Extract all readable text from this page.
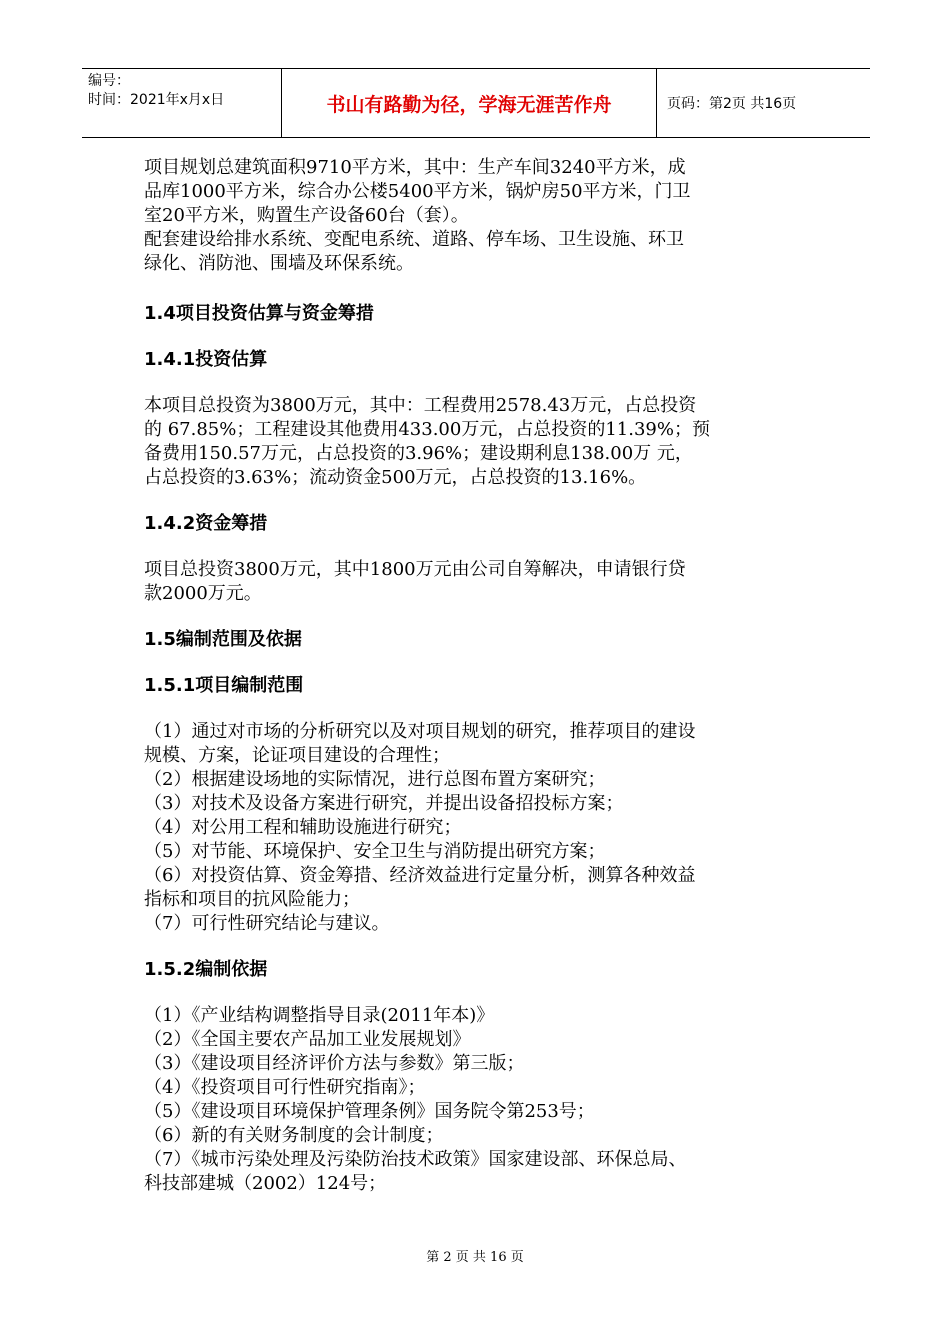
编号：
时间：2021年x月x日	书山有路勤为径，学海无涯苦作舟	页码：第2页 共16页

项目规划总建筑面积9710平方米，其中：生产车间3240平方米，成

品库1000平方米，综合办公楼5400平方米，锅炉房50平方米，门卫

室20平方米，购置生产设备60台（套）。

配套建设给排水系统、变配电系统、道路、停车场、卫生设施、环卫

绿化、消防池、围墙及环保系统。

1.4项目投资估算与资金筹措
1.4.1投资估算

本项目总投资为3800万元，其中：工程费用2578.43万元，占总投资

的 67.85%；工程建设其他费用433.00万元，占总投资的11.39%；预

备费用150.57万元，占总投资的3.96%；建设期利息138.00万 元，

占总投资的3.63%；流动资金500万元，占总投资的13.16%。

1.4.2资金筹措

项目总投资3800万元，其中1800万元由公司自筹解决，申请银行贷

款2000万元。

1.5编制范围及依据
1.5.1项目编制范围

（1）通过对市场的分析研究以及对项目规划的研究，推荐项目的建设

规模、方案，论证项目建设的合理性；

（2）根据建设场地的实际情况，进行总图布置方案研究；

（3）对技术及设备方案进行研究，并提出设备招投标方案；

（4）对公用工程和辅助设施进行研究；

（5）对节能、环境保护、安全卫生与消防提出研究方案；

（6）对投资估算、资金筹措、经济效益进行定量分析，测算各种效益

指标和项目的抗风险能力；

（7）可行性研究结论与建议。

1.5.2编制依据

（1）《产业结构调整指导目录(2011年本)》

（2）《全国主要农产品加工业发展规划》

（3）《建设项目经济评价方法与参数》第三版；

（4）《投资项目可行性研究指南》；

（5）《建设项目环境保护管理条例》国务院令第253号；

（6）新的有关财务制度的会计制度；

（7）《城市污染处理及污染防治技术政策》国家建设部、环保总局、

科技部建城（2002）124号；

第 2 页 共 16 页
